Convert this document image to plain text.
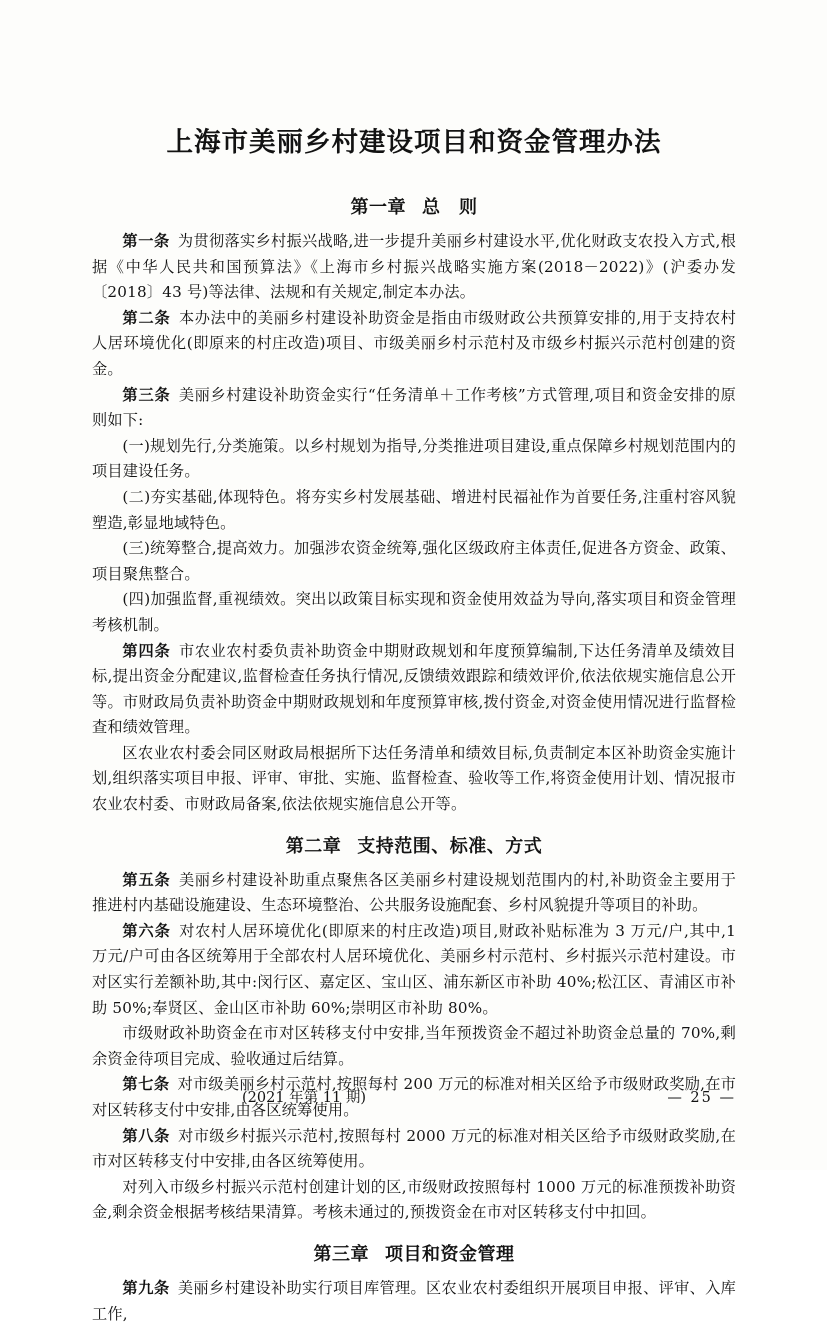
上海市美丽乡村建设项目和资金管理办法
第一章 总　则

第一条 为贯彻落实乡村振兴战略,进一步提升美丽乡村建设水平,优化财政支农投入方式,根据《中华人民共和国预算法》《上海市乡村振兴战略实施方案(2018－2022)》(沪委办发〔2018〕43 号)等法律、法规和有关规定,制定本办法。

第二条 本办法中的美丽乡村建设补助资金是指由市级财政公共预算安排的,用于支持农村人居环境优化(即原来的村庄改造)项目、市级美丽乡村示范村及市级乡村振兴示范村创建的资金。

第三条 美丽乡村建设补助资金实行“任务清单＋工作考核”方式管理,项目和资金安排的原则如下:

(一)规划先行,分类施策。以乡村规划为指导,分类推进项目建设,重点保障乡村规划范围内的项目建设任务。

(二)夯实基础,体现特色。将夯实乡村发展基础、增进村民福祉作为首要任务,注重村容风貌塑造,彰显地域特色。

(三)统筹整合,提高效力。加强涉农资金统筹,强化区级政府主体责任,促进各方资金、政策、项目聚焦整合。

(四)加强监督,重视绩效。突出以政策目标实现和资金使用效益为导向,落实项目和资金管理考核机制。

第四条 市农业农村委负责补助资金中期财政规划和年度预算编制,下达任务清单及绩效目标,提出资金分配建议,监督检查任务执行情况,反馈绩效跟踪和绩效评价,依法依规实施信息公开等。市财政局负责补助资金中期财政规划和年度预算审核,拨付资金,对资金使用情况进行监督检查和绩效管理。

区农业农村委会同区财政局根据所下达任务清单和绩效目标,负责制定本区补助资金实施计划,组织落实项目申报、评审、审批、实施、监督检查、验收等工作,将资金使用计划、情况报市农业农村委、市财政局备案,依法依规实施信息公开等。

第二章 支持范围、标准、方式

第五条 美丽乡村建设补助重点聚焦各区美丽乡村建设规划范围内的村,补助资金主要用于推进村内基础设施建设、生态环境整治、公共服务设施配套、乡村风貌提升等项目的补助。

第六条 对农村人居环境优化(即原来的村庄改造)项目,财政补贴标准为 3 万元/户,其中,1 万元/户可由各区统筹用于全部农村人居环境优化、美丽乡村示范村、乡村振兴示范村建设。市对区实行差额补助,其中:闵行区、嘉定区、宝山区、浦东新区市补助 40%;松江区、青浦区市补助 50%;奉贤区、金山区市补助 60%;崇明区市补助 80%。

市级财政补助资金在市对区转移支付中安排,当年预拨资金不超过补助资金总量的 70%,剩余资金待项目完成、验收通过后结算。

第七条 对市级美丽乡村示范村,按照每村 200 万元的标准对相关区给予市级财政奖励,在市对区转移支付中安排,由各区统筹使用。

第八条 对市级乡村振兴示范村,按照每村 2000 万元的标准对相关区给予市级财政奖励,在市对区转移支付中安排,由各区统筹使用。

对列入市级乡村振兴示范村创建计划的区,市级财政按照每村 1000 万元的标准预拨补助资金,剩余资金根据考核结果清算。考核未通过的,预拨资金在市对区转移支付中扣回。

第三章 项目和资金管理

第九条 美丽乡村建设补助实行项目库管理。区农业农村委组织开展项目申报、评审、入库工作,

(2021 年第 11 期)	— 25 —
